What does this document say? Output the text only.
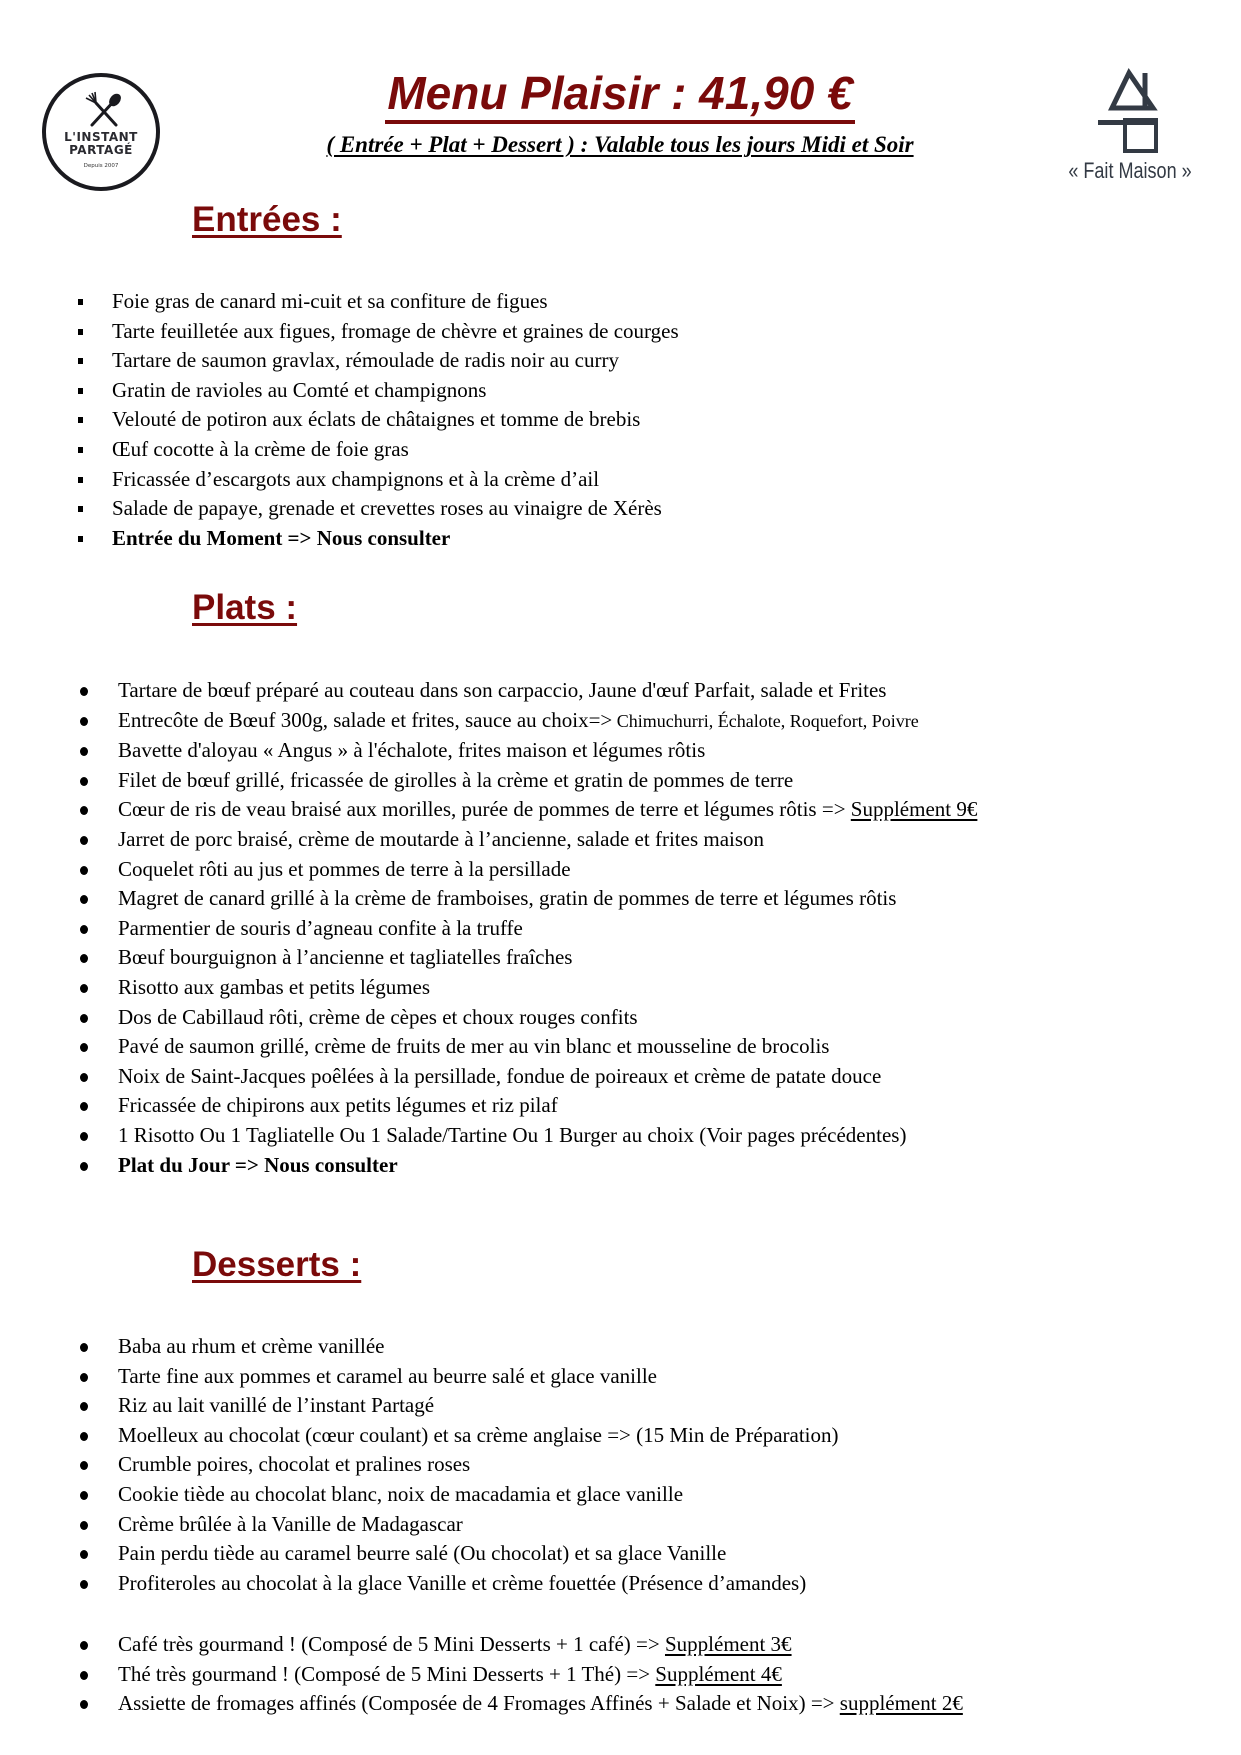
L'INSTANT
PARTAGÉ
Depuis 2007
Menu Plaisir : 41,90 €
( Entrée + Plat + Dessert ) : Valable tous les jours Midi et Soir
« Fait Maison »
Entrées :
Foie gras de canard mi-cuit et sa confiture de figues
Tarte feuilletée aux figues, fromage de chèvre et graines de courges
Tartare de saumon gravlax, rémoulade de radis noir au curry
Gratin de ravioles au Comté et champignons
Velouté de potiron aux éclats de châtaignes et tomme de brebis
Œuf cocotte à la crème de foie gras
Fricassée d’escargots aux champignons et à la crème d’ail
Salade de papaye, grenade et crevettes roses au vinaigre de Xérès
Entrée du Moment => Nous consulter
Plats :
Tartare de bœuf préparé au couteau dans son carpaccio, Jaune d'œuf Parfait, salade et Frites
Entrecôte de Bœuf 300g, salade et frites, sauce au choix=> Chimuchurri, Échalote, Roquefort, Poivre
Bavette d'aloyau « Angus » à l'échalote, frites maison et légumes rôtis
Filet de bœuf grillé, fricassée de girolles à la crème et gratin de pommes de terre
Cœur de ris de veau braisé aux morilles, purée de pommes de terre et légumes rôtis => Supplément 9€
Jarret de porc braisé, crème de moutarde à l’ancienne, salade et frites maison
Coquelet rôti au jus et pommes de terre à la persillade
Magret de canard grillé à la crème de framboises, gratin de pommes de terre et légumes rôtis
Parmentier de souris d’agneau confite à la truffe
Bœuf bourguignon à l’ancienne et tagliatelles fraîches
Risotto aux gambas et petits légumes
Dos de Cabillaud rôti, crème de cèpes et choux rouges confits
Pavé de saumon grillé, crème de fruits de mer au vin blanc et mousseline de brocolis
Noix de Saint-Jacques poêlées à la persillade, fondue de poireaux et crème de patate douce
Fricassée de chipirons aux petits légumes et riz pilaf
1 Risotto Ou 1 Tagliatelle Ou 1 Salade/Tartine Ou 1 Burger au choix (Voir pages précédentes)
Plat du Jour => Nous consulter
Desserts :
Baba au rhum et crème vanillée
Tarte fine aux pommes et caramel au beurre salé et glace vanille
Riz au lait vanillé de l’instant Partagé
Moelleux au chocolat (cœur coulant) et sa crème anglaise => (15 Min de Préparation)
Crumble poires, chocolat et pralines roses
Cookie tiède au chocolat blanc, noix de macadamia et glace vanille
Crème brûlée à la Vanille de Madagascar
Pain perdu tiède au caramel beurre salé (Ou chocolat) et sa glace Vanille
Profiteroles au chocolat à la glace Vanille et crème fouettée (Présence d’amandes)
Café très gourmand ! (Composé de 5 Mini Desserts + 1 café) => Supplément 3€
Thé très gourmand ! (Composé de 5 Mini Desserts + 1 Thé) => Supplément 4€
Assiette de fromages affinés (Composée de 4 Fromages Affinés + Salade et Noix) => supplément 2€
